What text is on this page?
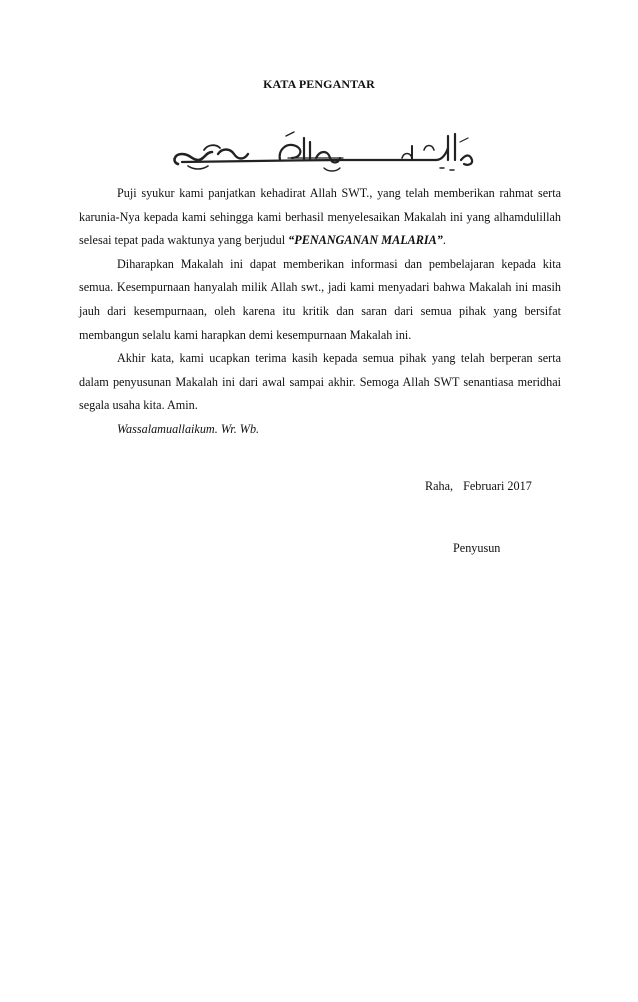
KATA PENGANTAR

Puji syukur kami panjatkan kehadirat Allah SWT., yang telah memberikan rahmat serta karunia-Nya kepada kami sehingga kami berhasil menyelesaikan Makalah ini yang alhamdulillah selesai tepat pada waktunya yang berjudul “PENANGANAN MALARIA”.

Diharapkan Makalah ini dapat memberikan informasi dan pembelajaran kepada kita semua. Kesempurnaan hanyalah milik Allah swt., jadi kami menyadari bahwa Makalah ini masih jauh dari kesempurnaan, oleh karena itu kritik dan saran dari semua pihak yang bersifat membangun selalu kami harapkan demi kesempurnaan Makalah ini.

Akhir kata, kami ucapkan terima kasih kepada semua pihak yang telah berperan serta dalam penyusunan Makalah ini dari awal sampai akhir. Semoga Allah SWT senantiasa meridhai segala usaha kita. Amin.

Wassalamuallaikum. Wr. Wb.

Raha, Februari 2017
Penyusun
